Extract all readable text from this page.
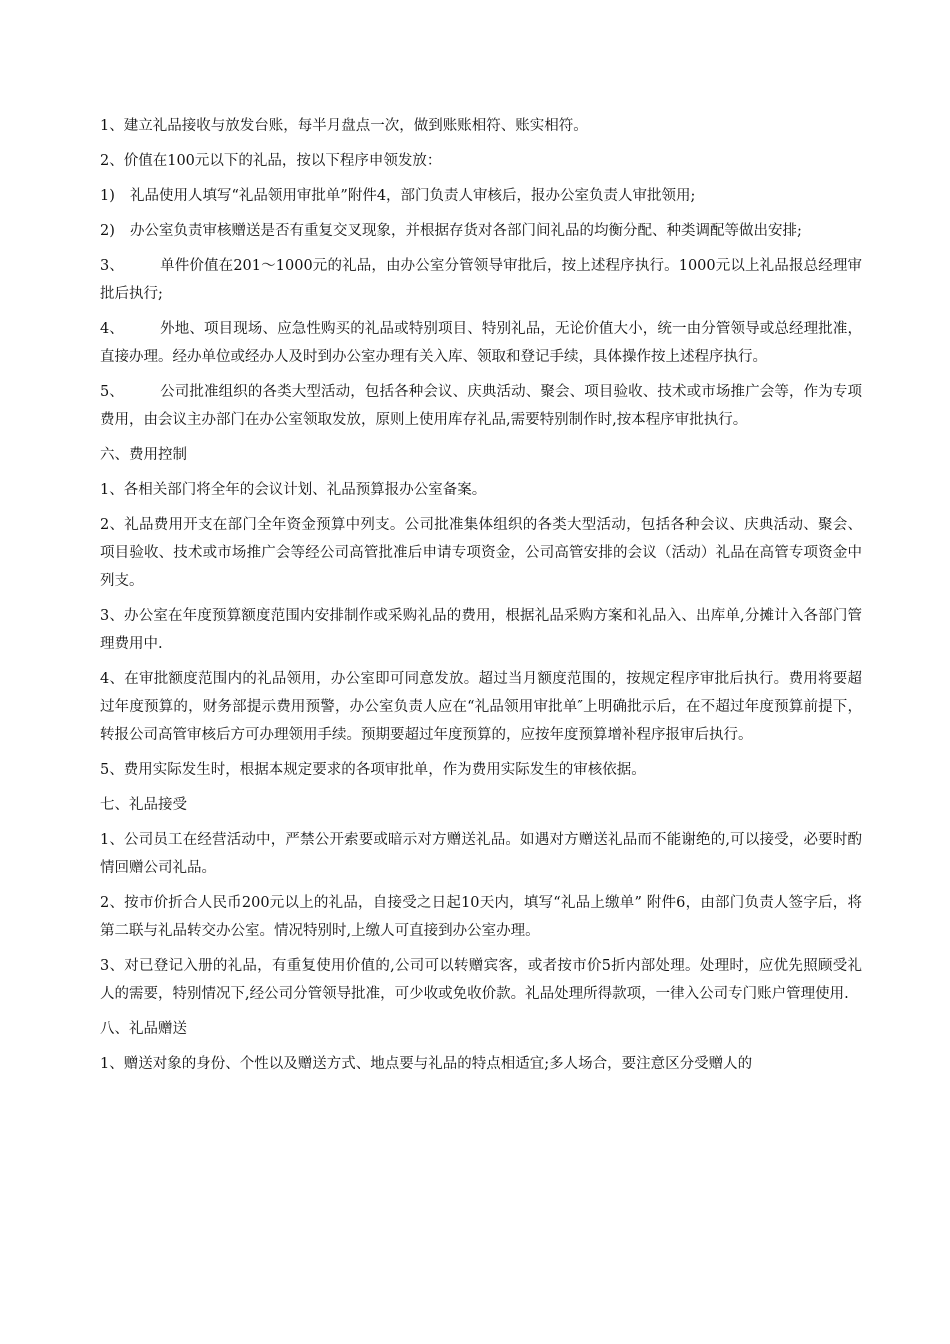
1、建立礼品接收与放发台账，每半月盘点一次，做到账账相符、账实相符。

2、价值在100元以下的礼品，按以下程序申领发放：

1) 礼品使用人填写“礼品领用审批单”附件4，部门负责人审核后，报办公室负责人审批领用;

2) 办公室负责审核赠送是否有重复交叉现象，并根据存货对各部门间礼品的均衡分配、种类调配等做出安排;

3、	单件价值在201～1000元的礼品，由办公室分管领导审批后，按上述程序执行。1000元以上礼品报总经理审批后执行;

4、	外地、项目现场、应急性购买的礼品或特别项目、特别礼品，无论价值大小，统一由分管领导或总经理批准，直接办理。经办单位或经办人及时到办公室办理有关入库、领取和登记手续，具体操作按上述程序执行。

5、	公司批准组织的各类大型活动，包括各种会议、庆典活动、聚会、项目验收、技术或市场推广会等，作为专项费用，由会议主办部门在办公室领取发放，原则上使用库存礼品,需要特别制作时,按本程序审批执行。

六、费用控制

1、各相关部门将全年的会议计划、礼品预算报办公室备案。

2、礼品费用开支在部门全年资金预算中列支。公司批准集体组织的各类大型活动，包括各种会议、庆典活动、聚会、项目验收、技术或市场推广会等经公司高管批准后申请专项资金，公司高管安排的会议（活动）礼品在高管专项资金中列支。

3、办公室在年度预算额度范围内安排制作或采购礼品的费用，根据礼品采购方案和礼品入、出库单,分摊计入各部门管理费用中.

4、在审批额度范围内的礼品领用，办公室即可同意发放。超过当月额度范围的，按规定程序审批后执行。费用将要超过年度预算的，财务部提示费用预警，办公室负责人应在“礼品领用审批单″上明确批示后，在不超过年度预算前提下，转报公司高管审核后方可办理领用手续。预期要超过年度预算的，应按年度预算增补程序报审后执行。

5、费用实际发生时，根据本规定要求的各项审批单，作为费用实际发生的审核依据。

七、礼品接受

1、公司员工在经营活动中，严禁公开索要或暗示对方赠送礼品。如遇对方赠送礼品而不能谢绝的,可以接受，必要时酌情回赠公司礼品。

2、按市价折合人民币200元以上的礼品，自接受之日起10天内，填写“礼品上缴单” 附件6，由部门负责人签字后，将第二联与礼品转交办公室。情况特别时,上缴人可直接到办公室办理。

3、对已登记入册的礼品，有重复使用价值的,公司可以转赠宾客，或者按市价5折内部处理。处理时，应优先照顾受礼人的需要，特别情况下,经公司分管领导批准，可少收或免收价款。礼品处理所得款项，一律入公司专门账户管理使用.

八、礼品赠送

1、赠送对象的身份、个性以及赠送方式、地点要与礼品的特点相适宜;多人场合，要注意区分受赠人的
